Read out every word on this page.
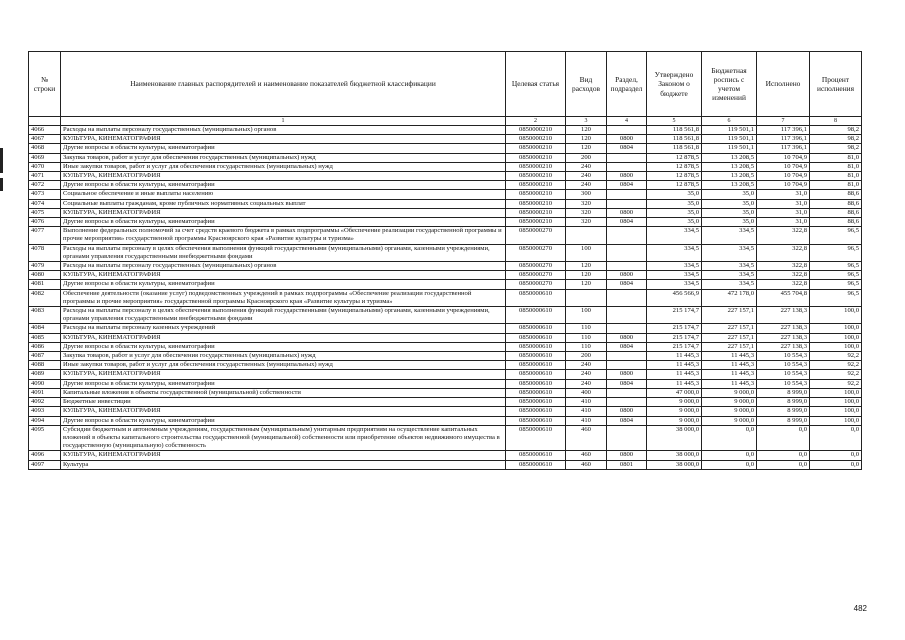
№ строки	Наименование главных распорядителей и наименование показателей бюджетной классификации	Целевая статья	Вид расходов	Раздел, подраздел	Утверждено Законом о бюджете	Бюджетная роспись с учетом изменений	Исполнено	Процент исполнения
	1	2	3	4	5	6	7	8
4066	Расходы на выплаты персоналу государственных (муниципальных) органов	0850000210	120		118 561,8	119 501,1	117 396,1	98,2
4067	КУЛЬТУРА, КИНЕМАТОГРАФИЯ	0850000210	120	0800	118 561,8	119 501,1	117 396,1	98,2
4068	Другие вопросы в области культуры, кинематографии	0850000210	120	0804	118 561,8	119 501,1	117 396,1	98,2
4069	Закупка товаров, работ и услуг для обеспечения государственных (муниципальных) нужд	0850000210	200		12 878,5	13 208,5	10 704,9	81,0
4070	Иные закупки товаров, работ и услуг для обеспечения государственных (муниципальных) нужд	0850000210	240		12 878,5	13 208,5	10 704,9	81,0
4071	КУЛЬТУРА, КИНЕМАТОГРАФИЯ	0850000210	240	0800	12 878,5	13 208,5	10 704,9	81,0
4072	Другие вопросы в области культуры, кинематографии	0850000210	240	0804	12 878,5	13 208,5	10 704,9	81,0
4073	Социальное обеспечение и иные выплаты населению	0850000210	300		35,0	35,0	31,0	88,6
4074	Социальные выплаты гражданам, кроме публичных нормативных социальных выплат	0850000210	320		35,0	35,0	31,0	88,6
4075	КУЛЬТУРА, КИНЕМАТОГРАФИЯ	0850000210	320	0800	35,0	35,0	31,0	88,6
4076	Другие вопросы в области культуры, кинематографии	0850000210	320	0804	35,0	35,0	31,0	88,6
4077	Выполнение федеральных полномочий за счет средств краевого бюджета в рамках подпрограммы «Обеспечение реализации государственной программы и прочие мероприятия» государственной программы Красноярского края «Развитие культуры и туризма»	0850000270			334,5	334,5	322,8	96,5
4078	Расходы на выплаты персоналу в целях обеспечения выполнения функций государственными (муниципальными) органами, казенными учреждениями, органами управления государственными внебюджетными фондами	0850000270	100		334,5	334,5	322,8	96,5
4079	Расходы на выплаты персоналу государственных (муниципальных) органов	0850000270	120		334,5	334,5	322,8	96,5
4080	КУЛЬТУРА, КИНЕМАТОГРАФИЯ	0850000270	120	0800	334,5	334,5	322,8	96,5
4081	Другие вопросы в области культуры, кинематографии	0850000270	120	0804	334,5	334,5	322,8	96,5
4082	Обеспечение деятельности (оказание услуг) подведомственных учреждений в рамках подпрограммы «Обеспечение реализации государственной программы и прочие мероприятия» государственной программы Красноярского края «Развитие культуры и туризма»	0850000610			456 566,9	472 178,0	455 704,8	96,5
4083	Расходы на выплаты персоналу в целях обеспечения выполнения функций государственными (муниципальными) органами, казенными учреждениями, органами управления государственными внебюджетными фондами	0850000610	100		215 174,7	227 157,1	227 138,3	100,0
4084	Расходы на выплаты персоналу казенных учреждений	0850000610	110		215 174,7	227 157,1	227 138,3	100,0
4085	КУЛЬТУРА, КИНЕМАТОГРАФИЯ	0850000610	110	0800	215 174,7	227 157,1	227 138,3	100,0
4086	Другие вопросы в области культуры, кинематографии	0850000610	110	0804	215 174,7	227 157,1	227 138,3	100,0
4087	Закупка товаров, работ и услуг для обеспечения государственных (муниципальных) нужд	0850000610	200		11 445,3	11 445,3	10 554,3	92,2
4088	Иные закупки товаров, работ и услуг для обеспечения государственных (муниципальных) нужд	0850000610	240		11 445,3	11 445,3	10 554,3	92,2
4089	КУЛЬТУРА, КИНЕМАТОГРАФИЯ	0850000610	240	0800	11 445,3	11 445,3	10 554,3	92,2
4090	Другие вопросы в области культуры, кинематографии	0850000610	240	0804	11 445,3	11 445,3	10 554,3	92,2
4091	Капитальные вложения в объекты государственной (муниципальной) собственности	0850000610	400		47 000,0	9 000,0	8 999,0	100,0
4092	Бюджетные инвестиции	0850000610	410		9 000,0	9 000,0	8 999,0	100,0
4093	КУЛЬТУРА, КИНЕМАТОГРАФИЯ	0850000610	410	0800	9 000,0	9 000,0	8 999,0	100,0
4094	Другие вопросы в области культуры, кинематографии	0850000610	410	0804	9 000,0	9 000,0	8 999,0	100,0
4095	Субсидии бюджетным и автономным учреждениям, государственным (муниципальным) унитарным предприятиям на осуществление капитальных вложений в объекты капитального строительства государственной (муниципальной) собственности или приобретение объектов недвижимого имущества в государственную (муниципальную) собственность	0850000610	460		38 000,0	0,0	0,0	0,0
4096	КУЛЬТУРА, КИНЕМАТОГРАФИЯ	0850000610	460	0800	38 000,0	0,0	0,0	0,0
4097	Культура	0850000610	460	0801	38 000,0	0,0	0,0	0,0
482
